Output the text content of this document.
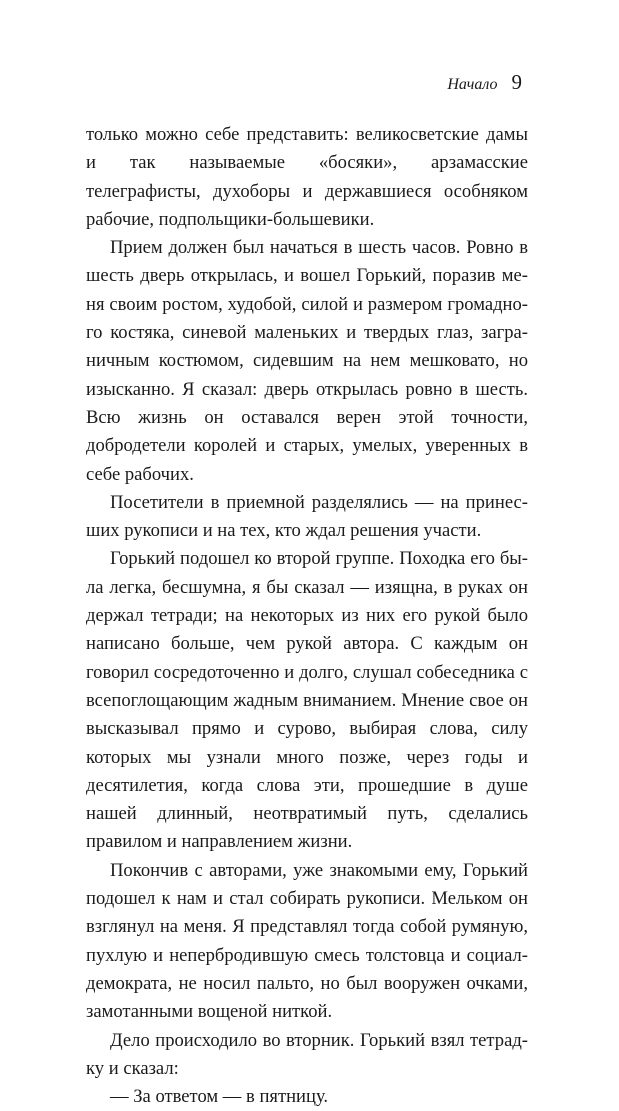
Начало 9

только можно себе представить: великосветские дамы и так называемые «босяки», арзамасские телеграфисты, духоборы и державшиеся особняком рабочие, подпольщики-большевики.

Прием должен был начаться в шесть часов. Ровно в шесть дверь открылась, и вошел Горький, поразив меня своим ростом, худобой, силой и размером громадного костяка, синевой маленьких и твердых глаз, заграничным костюмом, сидевшим на нем мешковато, но изысканно. Я сказал: дверь открылась ровно в шесть. Всю жизнь он оставался верен этой точности, добродетели королей и старых, умелых, уверенных в себе рабочих.

Посетители в приемной разделялись — на принесших рукописи и на тех, кто ждал решения участи.

Горький подошел ко второй группе. Походка его была легка, бесшумна, я бы сказал — изящна, в руках он держал тетради; на некоторых из них его рукой было написано больше, чем рукой автора. С каждым он говорил сосредоточенно и долго, слушал собеседника с всепоглощающим жадным вниманием. Мнение свое он высказывал прямо и сурово, выбирая слова, силу которых мы узнали много позже, через годы и десятилетия, когда слова эти, прошедшие в душе нашей длинный, неотвратимый путь, сделались правилом и направлением жизни.

Покончив с авторами, уже знакомыми ему, Горький подошел к нам и стал собирать рукописи. Мельком он взглянул на меня. Я представлял тогда собой румяную, пухлую и непербродившую смесь толстовца и социал-демократа, не носил пальто, но был вооружен очками, замотанными вощеной ниткой.

Дело происходило во вторник. Горький взял тетрадку и сказал:

— За ответом — в пятницу.
